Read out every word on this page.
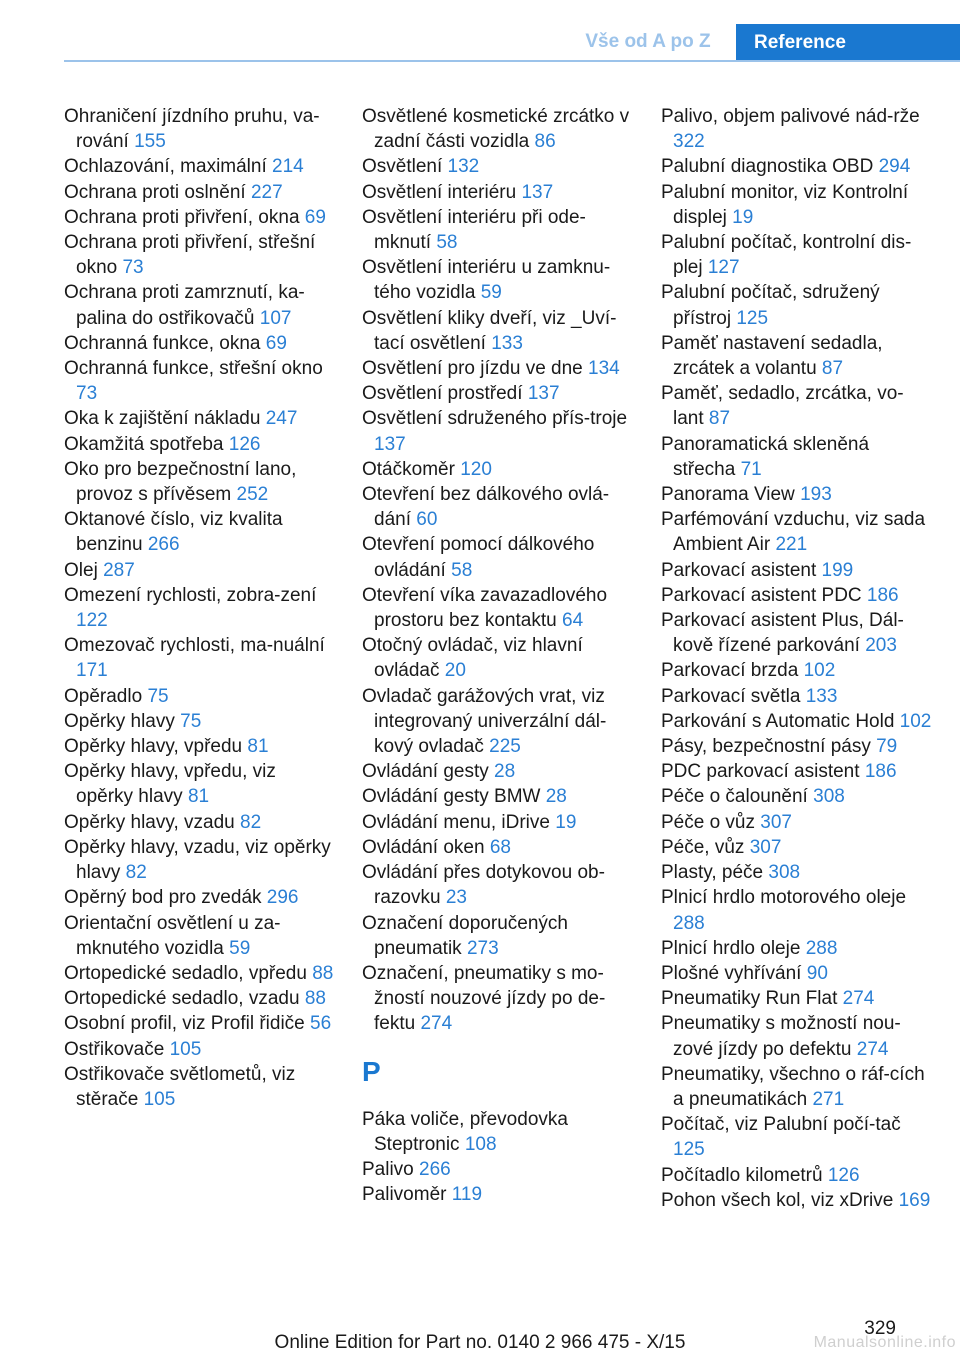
Vše od A po Z	Reference
Ohraničení jízdního pruhu, va-rování 155
Ochlazování, maximální 214
Ochrana proti oslnění 227
Ochrana proti přivření, okna 69
Ochrana proti přivření, střešní okno 73
Ochrana proti zamrznutí, ka-palina do ostřikovačů 107
Ochranná funkce, okna 69
Ochranná funkce, střešní okno 73
Oka k zajištění nákladu 247
Okamžitá spotřeba 126
Oko pro bezpečnostní lano, provoz s přívěsem 252
Oktanové číslo, viz kvalita benzinu 266
Olej 287
Omezení rychlosti, zobra-zení 122
Omezovač rychlosti, ma-nuální 171
Opěradlo 75
Opěrky hlavy 75
Opěrky hlavy, vpředu 81
Opěrky hlavy, vpředu, viz opěrky hlavy 81
Opěrky hlavy, vzadu 82
Opěrky hlavy, vzadu, viz opěrky hlavy 82
Opěrný bod pro zvedák 296
Orientační osvětlení u za-mknutého vozidla 59
Ortopedické sedadlo, vpředu 88
Ortopedické sedadlo, vzadu 88
Osobní profil, viz Profil řidiče 56
Ostřikovače 105
Ostřikovače světlometů, viz stěrače 105
Osvětlené kosmetické zrcátko v zadní části vozidla 86
Osvětlení 132
Osvětlení interiéru 137
Osvětlení interiéru při ode-mknutí 58
Osvětlení interiéru u zamknu-tého vozidla 59
Osvětlení kliky dveří, viz _Uví-tací osvětlení 133
Osvětlení pro jízdu ve dne 134
Osvětlení prostředí 137
Osvětlení sdruženého přís-troje 137
Otáčkoměr 120
Otevření bez dálkového ovlá-dání 60
Otevření pomocí dálkového ovládání 58
Otevření víka zavazadlového prostoru bez kontaktu 64
Otočný ovládač, viz hlavní ovládač 20
Ovladač garážových vrat, viz integrovaný univerzální dál-kový ovladač 225
Ovládání gesty 28
Ovládání gesty BMW 28
Ovládání menu, iDrive 19
Ovládání oken 68
Ovládání přes dotykovou ob-razovku 23
Označení doporučených pneumatik 273
Označení, pneumatiky s mo-žností nouzové jízdy po de-fektu 274
P
Páka voliče, převodovka Steptronic 108
Palivo 266
Palivoměr 119
Palivo, objem palivové nád-rže 322
Palubní diagnostika OBD 294
Palubní monitor, viz Kontrolní displej 19
Palubní počítač, kontrolní dis-plej 127
Palubní počítač, sdružený přístroj 125
Paměť nastavení sedadla, zrcátek a volantu 87
Paměť, sedadlo, zrcátka, vo-lant 87
Panoramatická skleněná střecha 71
Panorama View 193
Parfémování vzduchu, viz sada Ambient Air 221
Parkovací asistent 199
Parkovací asistent PDC 186
Parkovací asistent Plus, Dál-kově řízené parkování 203
Parkovací brzda 102
Parkovací světla 133
Parkování s Automatic Hold 102
Pásy, bezpečnostní pásy 79
PDC parkovací asistent 186
Péče o čalounění 308
Péče o vůz 307
Péče, vůz 307
Plasty, péče 308
Plnicí hrdlo motorového oleje 288
Plnicí hrdlo oleje 288
Plošné vyhřívání 90
Pneumatiky Run Flat 274
Pneumatiky s možností nou-zové jízdy po defektu 274
Pneumatiky, všechno o ráf-cích a pneumatikách 271
Počítač, viz Palubní počí-tač 125
Počítadlo kilometrů 126
Pohon všech kol, viz xDrive 169
329
Online Edition for Part no. 0140 2 966 475 - X/15	Manualsonline.info
